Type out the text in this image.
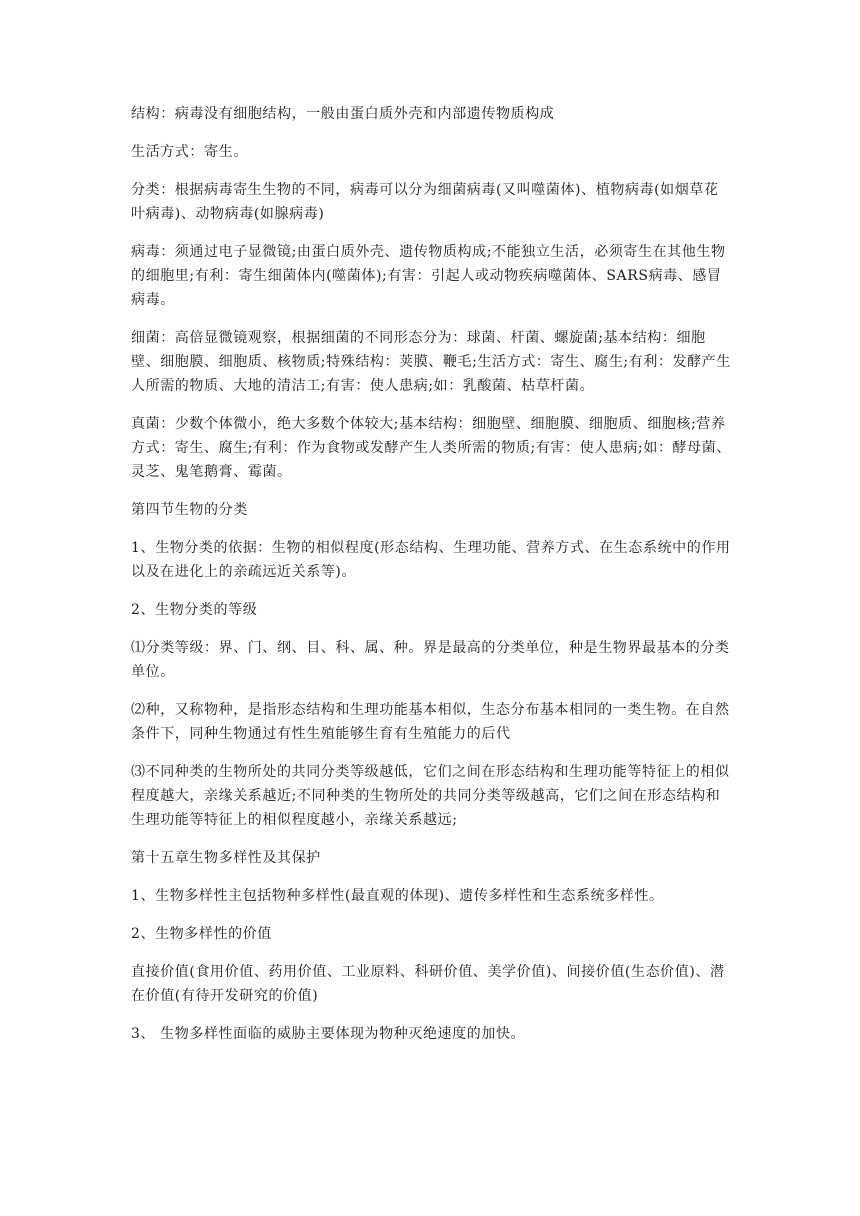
结构：病毒没有细胞结构，一般由蛋白质外壳和内部遗传物质构成

生活方式：寄生。

分类：根据病毒寄生生物的不同，病毒可以分为细菌病毒(又叫噬菌体)、植物病毒(如烟草花叶病毒)、动物病毒(如腺病毒)

病毒：须通过电子显微镜;由蛋白质外壳、遗传物质构成;不能独立生活，必须寄生在其他生物的细胞里;有利：寄生细菌体内(噬菌体);有害：引起人或动物疾病噬菌体、SARS病毒、感冒病毒。

细菌：高倍显微镜观察，根据细菌的不同形态分为：球菌、杆菌、螺旋菌;基本结构：细胞壁、细胞膜、细胞质、核物质;特殊结构：荚膜、鞭毛;生活方式：寄生、腐生;有利：发酵产生人所需的物质、大地的清洁工;有害：使人患病;如：乳酸菌、枯草杆菌。

真菌：少数个体微小，绝大多数个体较大;基本结构：细胞壁、细胞膜、细胞质、细胞核;营养方式：寄生、腐生;有利：作为食物或发酵产生人类所需的物质;有害：使人患病;如：酵母菌、灵芝、鬼笔鹅膏、霉菌。

第四节生物的分类

1、生物分类的依据：生物的相似程度(形态结构、生理功能、营养方式、在生态系统中的作用以及在进化上的亲疏远近关系等)。

2、生物分类的等级

⑴分类等级：界、门、纲、目、科、属、种。界是最高的分类单位，种是生物界最基本的分类单位。

⑵种，又称物种，是指形态结构和生理功能基本相似，生态分布基本相同的一类生物。在自然条件下，同种生物通过有性生殖能够生育有生殖能力的后代

⑶不同种类的生物所处的共同分类等级越低，它们之间在形态结构和生理功能等特征上的相似程度越大，亲缘关系越近;不同种类的生物所处的共同分类等级越高，它们之间在形态结构和生理功能等特征上的相似程度越小，亲缘关系越远;

第十五章生物多样性及其保护

1、生物多样性主包括物种多样性(最直观的体现)、遗传多样性和生态系统多样性。

2、生物多样性的价值

直接价值(食用价值、药用价值、工业原料、科研价值、美学价值)、间接价值(生态价值)、潜在价值(有待开发研究的价值)

3、 生物多样性面临的威胁主要体现为物种灭绝速度的加快。
